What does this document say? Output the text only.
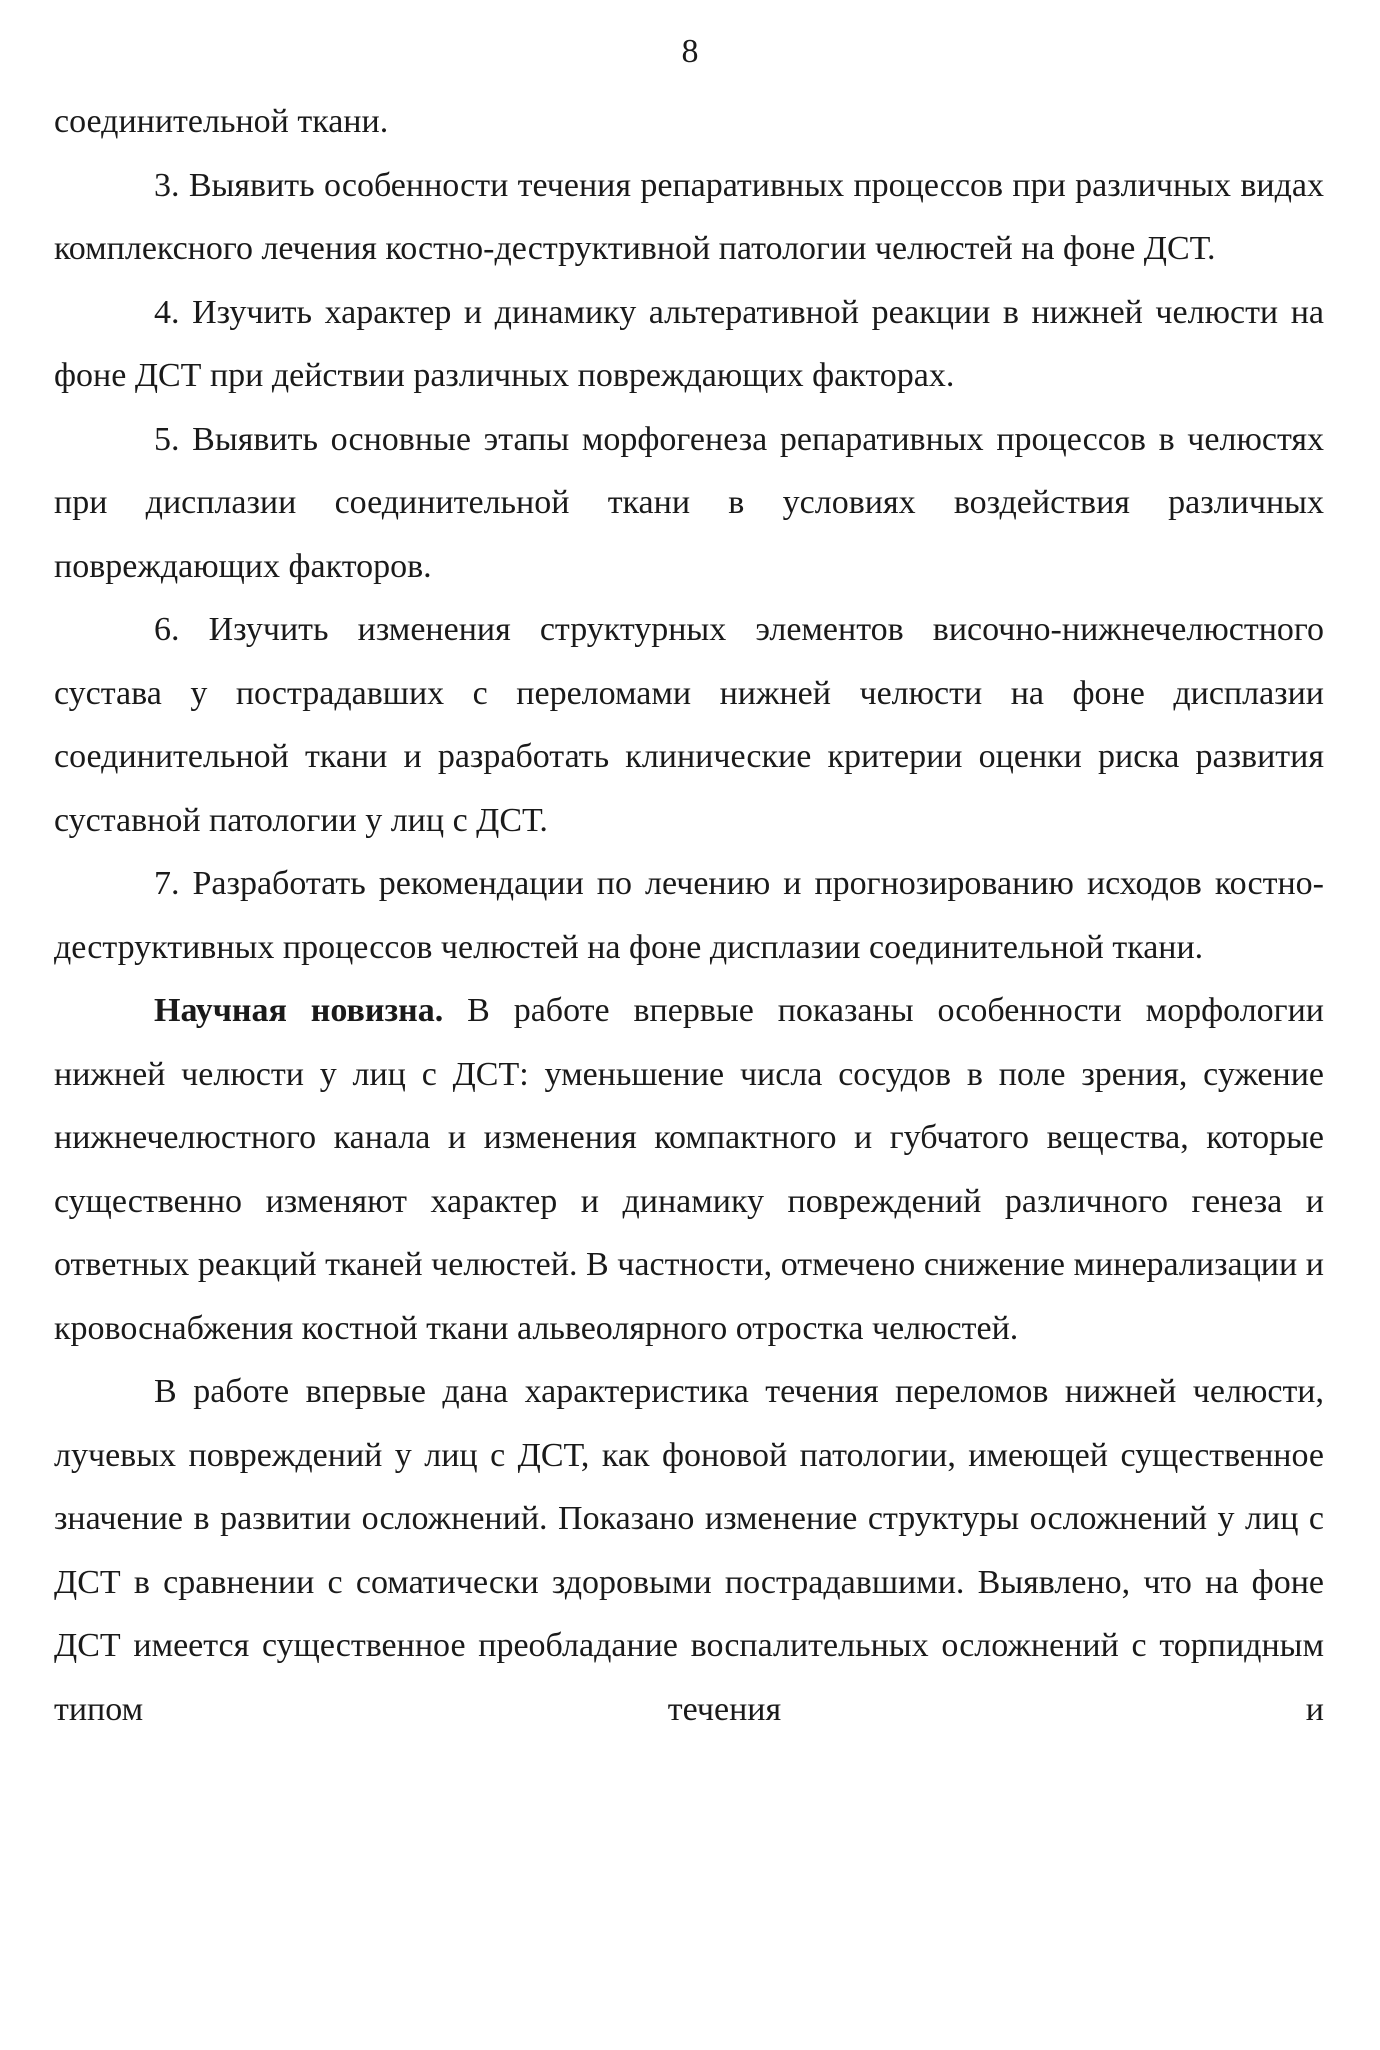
8

соединительной ткани.

3. Выявить особенности течения репаративных процессов при различных видах комплексного лечения костно-деструктивной патологии челюстей на фоне ДСТ.

4. Изучить характер и динамику альтеративной реакции в нижней челюсти на фоне ДСТ при действии различных повреждающих факторах.

5. Выявить основные этапы морфогенеза репаративных процессов в челюстях при дисплазии соединительной ткани в условиях воздействия различных повреждающих факторов.

6. Изучить изменения структурных элементов височно-нижнечелюстного сустава у пострадавших с переломами нижней челюсти на фоне дисплазии соединительной ткани и разработать клинические критерии оценки риска развития суставной патологии у лиц с ДСТ.

7. Разработать рекомендации по лечению и прогнозированию исходов костно-деструктивных процессов челюстей на фоне дисплазии соединительной ткани.

Научная новизна. В работе впервые показаны особенности морфологии нижней челюсти у лиц с ДСТ: уменьшение числа сосудов в поле зрения, сужение нижнечелюстного канала и изменения компактного и губчатого вещества, которые существенно изменяют характер и динамику повреждений различного генеза и ответных реакций тканей челюстей. В частности, отмечено снижение минерализации и кровоснабжения костной ткани альвеолярного отростка челюстей.

В работе впервые дана характеристика течения переломов нижней челюсти, лучевых повреждений у лиц с ДСТ, как фоновой патологии, имеющей существенное значение в развитии осложнений. Показано изменение структуры осложнений у лиц с ДСТ в сравнении с соматически здоровыми пострадавшими. Выявлено, что на фоне ДСТ имеется существенное преобладание воспалительных осложнений с торпидным типом течения и
